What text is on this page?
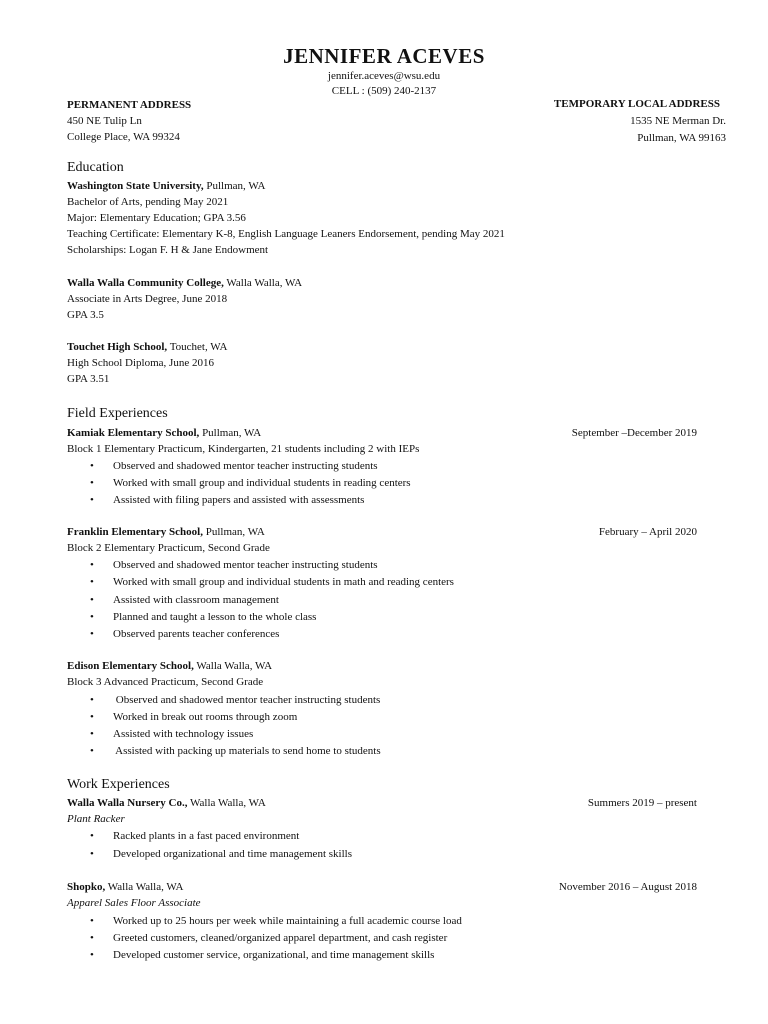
JENNIFER ACEVES
jennifer.aceves@wsu.edu
CELL : (509) 240-2137
PERMANENT ADDRESS
450 NE Tulip Ln
College Place, WA 99324
TEMPORARY LOCAL ADDRESS
1535 NE Merman Dr.
Pullman, WA 99163
Education
Washington State University, Pullman, WA
Bachelor of Arts, pending May 2021
Major: Elementary Education; GPA 3.56
Teaching Certificate: Elementary K-8, English Language Leaners Endorsement, pending May 2021
Scholarships: Logan F. H & Jane Endowment
Walla Walla Community College, Walla Walla, WA
Associate in Arts Degree, June 2018
GPA 3.5
Touchet High School, Touchet, WA
High School Diploma, June 2016
GPA 3.51
Field Experiences
Kamiak Elementary School, Pullman, WA	September –December 2019
Block 1 Elementary Practicum, Kindergarten, 21 students including 2 with IEPs
• Observed and shadowed mentor teacher instructing students
• Worked with small group and individual students in reading centers
• Assisted with filing papers and assisted with assessments
Franklin Elementary School, Pullman, WA	February – April 2020
Block 2 Elementary Practicum, Second Grade
• Observed and shadowed mentor teacher instructing students
• Worked with small group and individual students in math and reading centers
• Assisted with classroom management
• Planned and taught a lesson to the whole class
• Observed parents teacher conferences
Edison Elementary School, Walla Walla, WA
Block 3 Advanced Practicum, Second Grade
• Observed and shadowed mentor teacher instructing students
• Worked in break out rooms through zoom
• Assisted with technology issues
• Assisted with packing up materials to send home to students
Work Experiences
Walla Walla Nursery Co., Walla Walla, WA	Summers 2019 – present
Plant Racker
• Racked plants in a fast paced environment
• Developed organizational and time management skills
Shopko, Walla Walla, WA	November 2016 – August 2018
Apparel Sales Floor Associate
• Worked up to 25 hours per week while maintaining a full academic course load
• Greeted customers, cleaned/organized apparel department, and cash register
• Developed customer service, organizational, and time management skills
